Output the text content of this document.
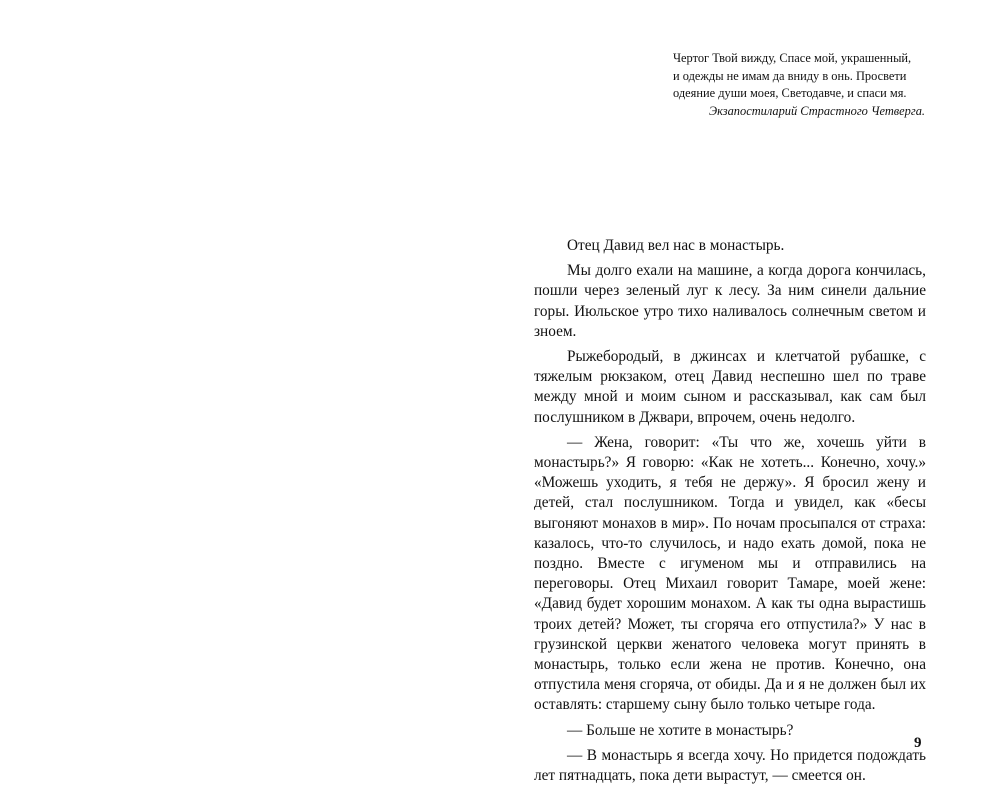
Чертог Твой вижду, Спасе мой, украшенный,
и одежды не имам да вниду в онь. Просвети
одеяние души моея, Светодавче, и спаси мя.
Экзапостиларий Страстного Четверга.

Отец Давид вел нас в монастырь.

Мы долго ехали на машине, а когда дорога кончилась, пошли через зеленый луг к лесу. За ним синели дальние горы. Июльское утро тихо наливалось солнечным светом и зноем.

Рыжебородый, в джинсах и клетчатой рубашке, с тяжелым рюкзаком, отец Давид неспешно шел по траве между мной и моим сыном и рассказывал, как сам был послушником в Джвари, впрочем, очень недолго.

— Жена, говорит: «Ты что же, хочешь уйти в монастырь?» Я говорю: «Как не хотеть... Конечно, хочу.» «Можешь уходить, я тебя не держу». Я бросил жену и детей, стал послушником. Тогда и увидел, как «бесы выгоняют монахов в мир». По ночам просыпался от страха: казалось, что-то случилось, и надо ехать домой, пока не поздно. Вместе с игуменом мы и отправились на переговоры. Отец Михаил говорит Тамаре, моей жене: «Давид будет хорошим монахом. А как ты одна вырастишь троих детей? Может, ты сгоряча его отпустила?» У нас в грузинской церкви женатого человека могут принять в монастырь, только если жена не против. Конечно, она отпустила меня сгоряча, от обиды. Да и я не должен был их оставлять: старшему сыну было только четыре года.

— Больше не хотите в монастырь?

— В монастырь я всегда хочу. Но придется подождать лет пятнадцать, пока дети вырастут, — смеется он.

9
